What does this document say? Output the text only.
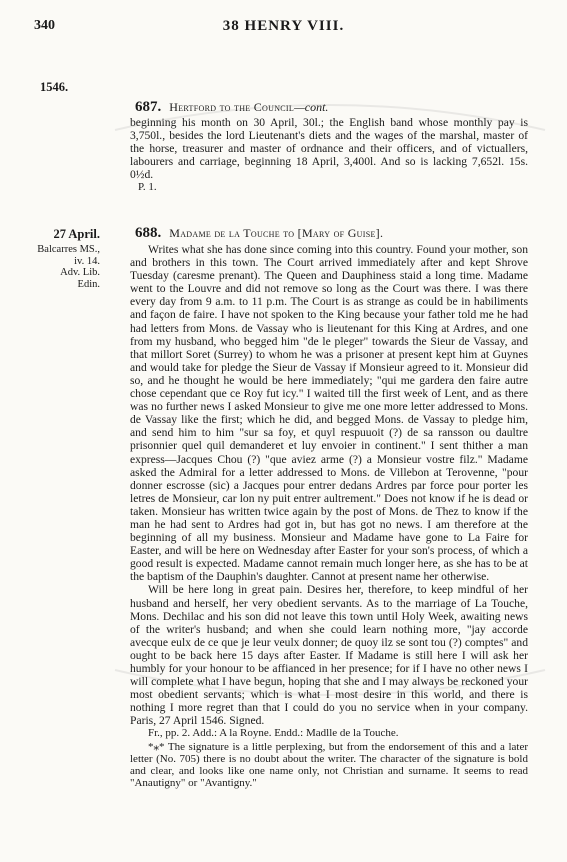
340	38 HENRY VIII.
1546.
687. Hertford to the Council—cont.

beginning his month on 30 April, 30l.; the English band whose monthly pay is 3,750l., besides the lord Lieutenant's diets and the wages of the marshal, master of the horse, treasurer and master of ordnance and their officers, and of victuallers, labourers and carriage, beginning 18 April, 3,400l. And so is lacking 7,652l. 15s. 0½d.

P. 1.

27 April.
Balcarres MS.,
iv. 14.
Adv. Lib.
Edin.
688. Madame de la Touche to [Mary of Guise].

Writes what she has done since coming into this country. Found your mother, son and brothers in this town. The Court arrived immediately after and kept Shrove Tuesday (caresme prenant). The Queen and Dauphiness staid a long time. Madame went to the Louvre and did not remove so long as the Court was there. I was there every day from 9 a.m. to 11 p.m. The Court is as strange as could be in habiliments and façon de faire. I have not spoken to the King because your father told me he had had letters from Mons. de Vassay who is lieutenant for this King at Ardres, and one from my husband, who begged him "de le pleger" towards the Sieur de Vassay, and that millort Soret (Surrey) to whom he was a prisoner at present kept him at Guynes and would take for pledge the Sieur de Vassay if Monsieur agreed to it. Monsieur did so, and he thought he would be here immediately; "qui me gardera den faire autre chose cependant que ce Roy fut icy." I waited till the first week of Lent, and as there was no further news I asked Monsieur to give me one more letter addressed to Mons. de Vassay like the first; which he did, and begged Mons. de Vassay to pledge him, and send him to him "sur sa foy, et quyl respuuoit (?) de sa ransson ou daultre prisonnier quel quil demanderet et luy envoier in continent." I sent thither a man express—Jacques Chou (?) "que aviez arme (?) a Monsieur vostre filz." Madame asked the Admiral for a letter addressed to Mons. de Villebon at Terovenne, "pour donner escrosse (sic) a Jacques pour entrer dedans Ardres par force pour porter les letres de Monsieur, car lon ny puit entrer aultrement." Does not know if he is dead or taken. Monsieur has written twice again by the post of Mons. de Thez to know if the man he had sent to Ardres had got in, but has got no news. I am therefore at the beginning of all my business. Monsieur and Madame have gone to La Faire for Easter, and will be here on Wednesday after Easter for your son's process, of which a good result is expected. Madame cannot remain much longer here, as she has to be at the baptism of the Dauphin's daughter. Cannot at present name her otherwise.

Will be here long in great pain. Desires her, therefore, to keep mindful of her husband and herself, her very obedient servants. As to the marriage of La Touche, Mons. Dechilac and his son did not leave this town until Holy Week, awaiting news of the writer's husband; and when she could learn nothing more, "jay accorde avecque eulx de ce que je leur veulx donner; de quoy ilz se sont tou (?) comptes" and ought to be back here 15 days after Easter. If Madame is still here I will ask her humbly for your honour to be affianced in her presence; for if I have no other news I will complete what I have begun, hoping that she and I may always be reckoned your most obedient servants; which is what I most desire in this world, and there is nothing I more regret than that I could do you no service when in your company. Paris, 27 April 1546. Signed.

Fr., pp. 2. Add.: A la Royne. Endd.: Madlle de la Touche.

*⁎* The signature is a little perplexing, but from the endorsement of this and a later letter (No. 705) there is no doubt about the writer. The character of the signature is bold and clear, and looks like one name only, not Christian and surname. It seems to read "Anautigny" or "Avantigny."
